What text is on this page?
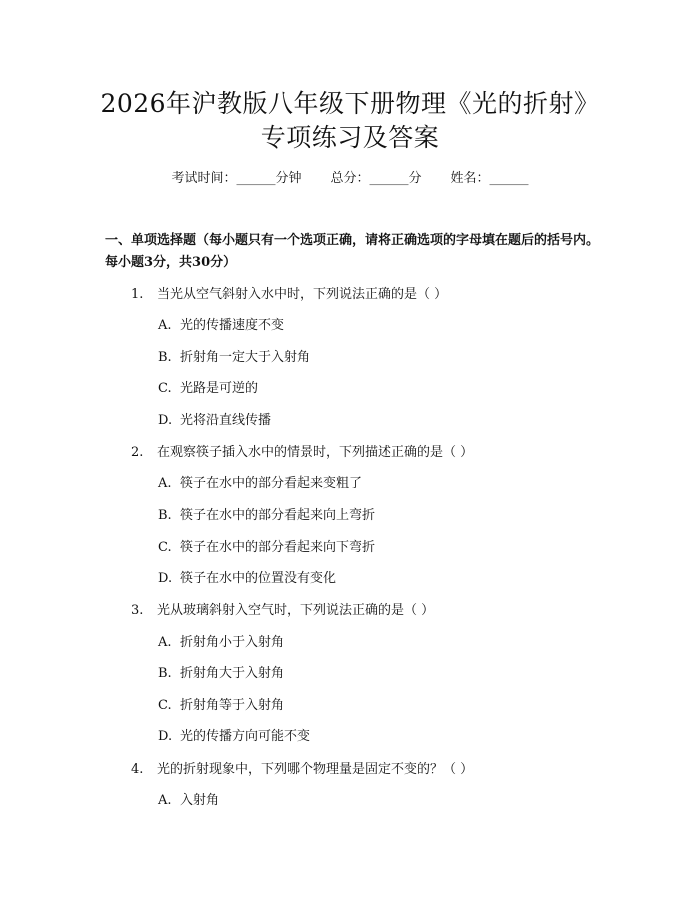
2026年沪教版八年级下册物理《光的折射》
专项练习及答案
考试时间：______分钟 总分：______分 姓名：______
一、单项选择题（每小题只有一个选项正确，请将正确选项的字母填在题后的括号内。每小题3分，共30分）
1. 当光从空气斜射入水中时，下列说法正确的是（ ）
A. 光的传播速度不变
B. 折射角一定大于入射角
C. 光路是可逆的
D. 光将沿直线传播
2. 在观察筷子插入水中的情景时，下列描述正确的是（ ）
A. 筷子在水中的部分看起来变粗了
B. 筷子在水中的部分看起来向上弯折
C. 筷子在水中的部分看起来向下弯折
D. 筷子在水中的位置没有变化
3. 光从玻璃斜射入空气时，下列说法正确的是（ ）
A. 折射角小于入射角
B. 折射角大于入射角
C. 折射角等于入射角
D. 光的传播方向可能不变
4. 光的折射现象中，下列哪个物理量是固定不变的？（ ）
A. 入射角
